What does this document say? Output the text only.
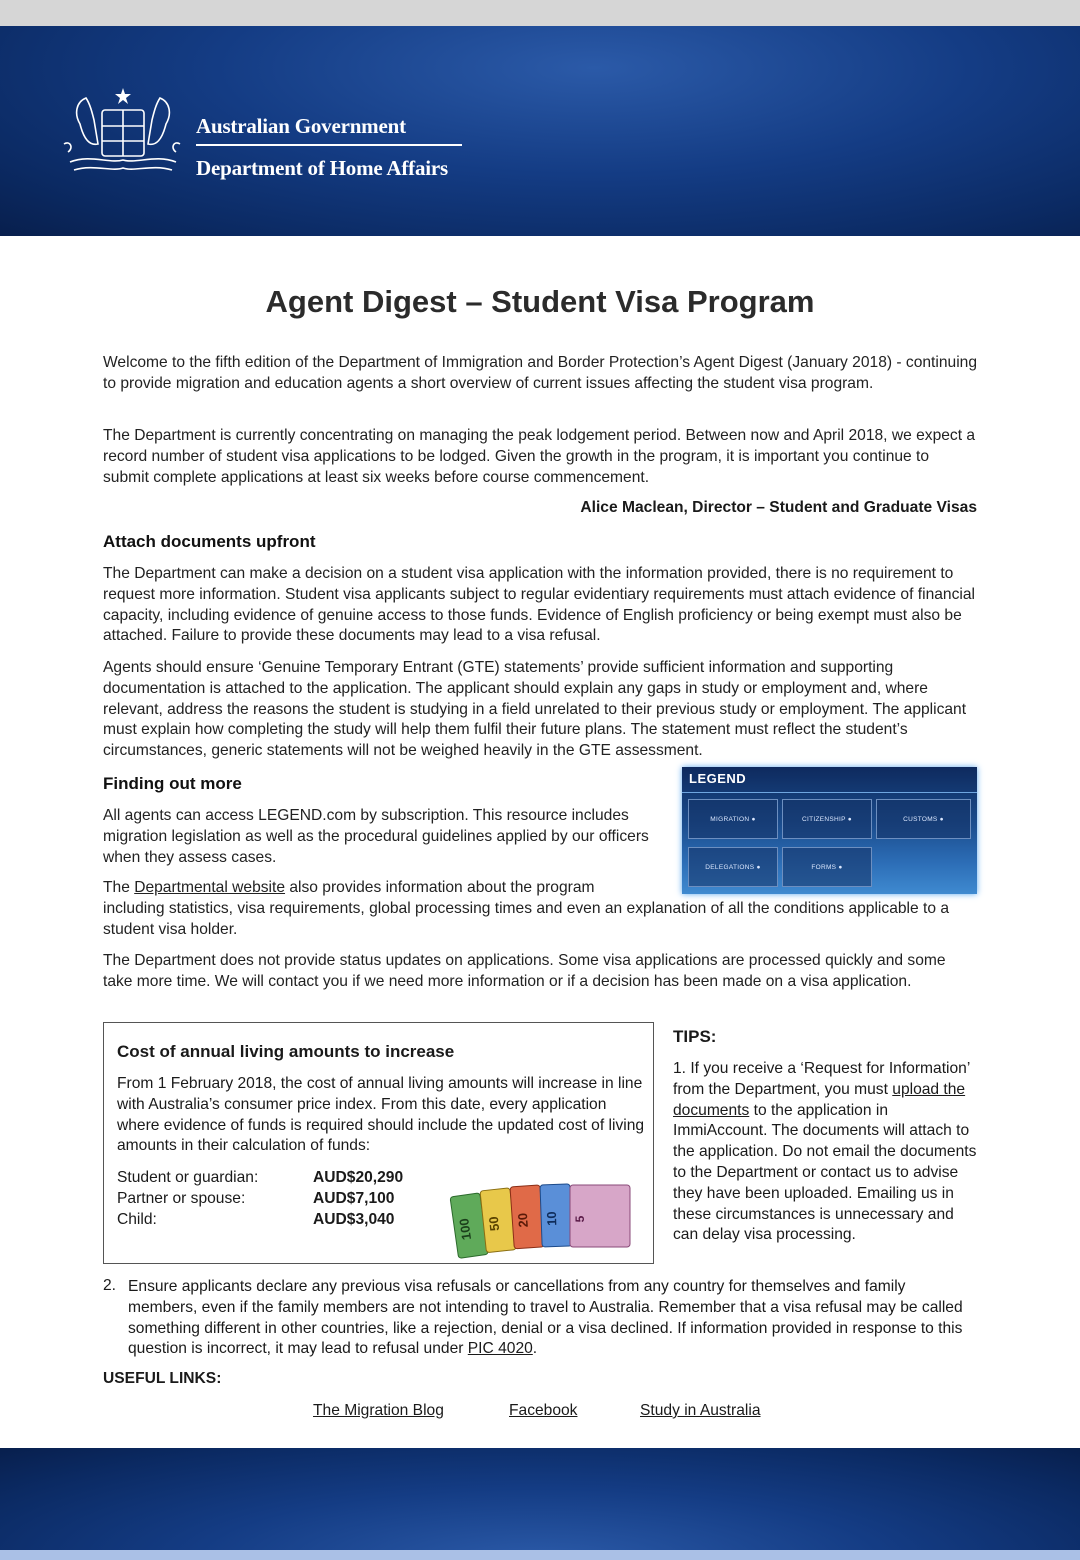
Australian Government
Department of Home Affairs
Agent Digest – Student Visa Program

Welcome to the fifth edition of the Department of Immigration and Border Protection’s Agent Digest (January 2018) - continuing to provide migration and education agents a short overview of current issues affecting the student visa program.

The Department is currently concentrating on managing the peak lodgement period. Between now and April 2018, we expect a record number of student visa applications to be lodged. Given the growth in the program, it is important you continue to submit complete applications at least six weeks before course commencement.

Alice Maclean, Director – Student and Graduate Visas
Attach documents upfront

The Department can make a decision on a student visa application with the information provided, there is no requirement to request more information. Student visa applicants subject to regular evidentiary requirements must attach evidence of financial capacity, including evidence of genuine access to those funds. Evidence of English proficiency or being exempt must also be attached. Failure to provide these documents may lead to a visa refusal.

Agents should ensure ‘Genuine Temporary Entrant (GTE) statements’ provide sufficient information and supporting documentation is attached to the application. The applicant should explain any gaps in study or employment and, where relevant, address the reasons the student is studying in a field unrelated to their previous study or employment. The applicant must explain how completing the study will help them fulfil their future plans. The statement must reflect the student’s circumstances, generic statements will not be weighed heavily in the GTE assessment.

Finding out more

All agents can access LEGEND.com by subscription. This resource includes migration legislation as well as the procedural guidelines applied by our officers when they assess cases.

The Departmental website also provides information about the program

including statistics, visa requirements, global processing times and even an explanation of all the conditions applicable to a student visa holder.

The Department does not provide status updates on applications. Some visa applications are processed quickly and some take more time. We will contact you if we need more information or if a decision has been made on a visa application.

LEGEND
MIGRATION ●	CITIZENSHIP ●	CUSTOMS ●
DELEGATIONS ●	FORMS ●
Cost of annual living amounts to increase
From 1 February 2018, the cost of annual living amounts will increase in line with Australia’s consumer price index. From this date, every application where evidence of funds is required should include the updated cost of living amounts in their calculation of funds:
Student or guardian:	AUD$20,290
Partner or spouse:	AUD$7,100
Child:	AUD$3,040	100 50 20 10 5
TIPS:

1. If you receive a ‘Request for Information’ from the Department, you must upload the documents to the application in ImmiAccount. The documents will attach to the application. Do not email the documents to the Department or contact us to advise they have been uploaded. Emailing us in these circumstances is unnecessary and can delay visa processing.

2. Ensure applicants declare any previous visa refusals or cancellations from any country for themselves and family members, even if the family members are not intending to travel to Australia. Remember that a visa refusal may be called something different in other countries, like a rejection, denial or a visa declined. If information provided in response to this question is incorrect, it may lead to refusal under PIC 4020.

USEFUL LINKS:
The Migration Blog	Facebook	Study in Australia
